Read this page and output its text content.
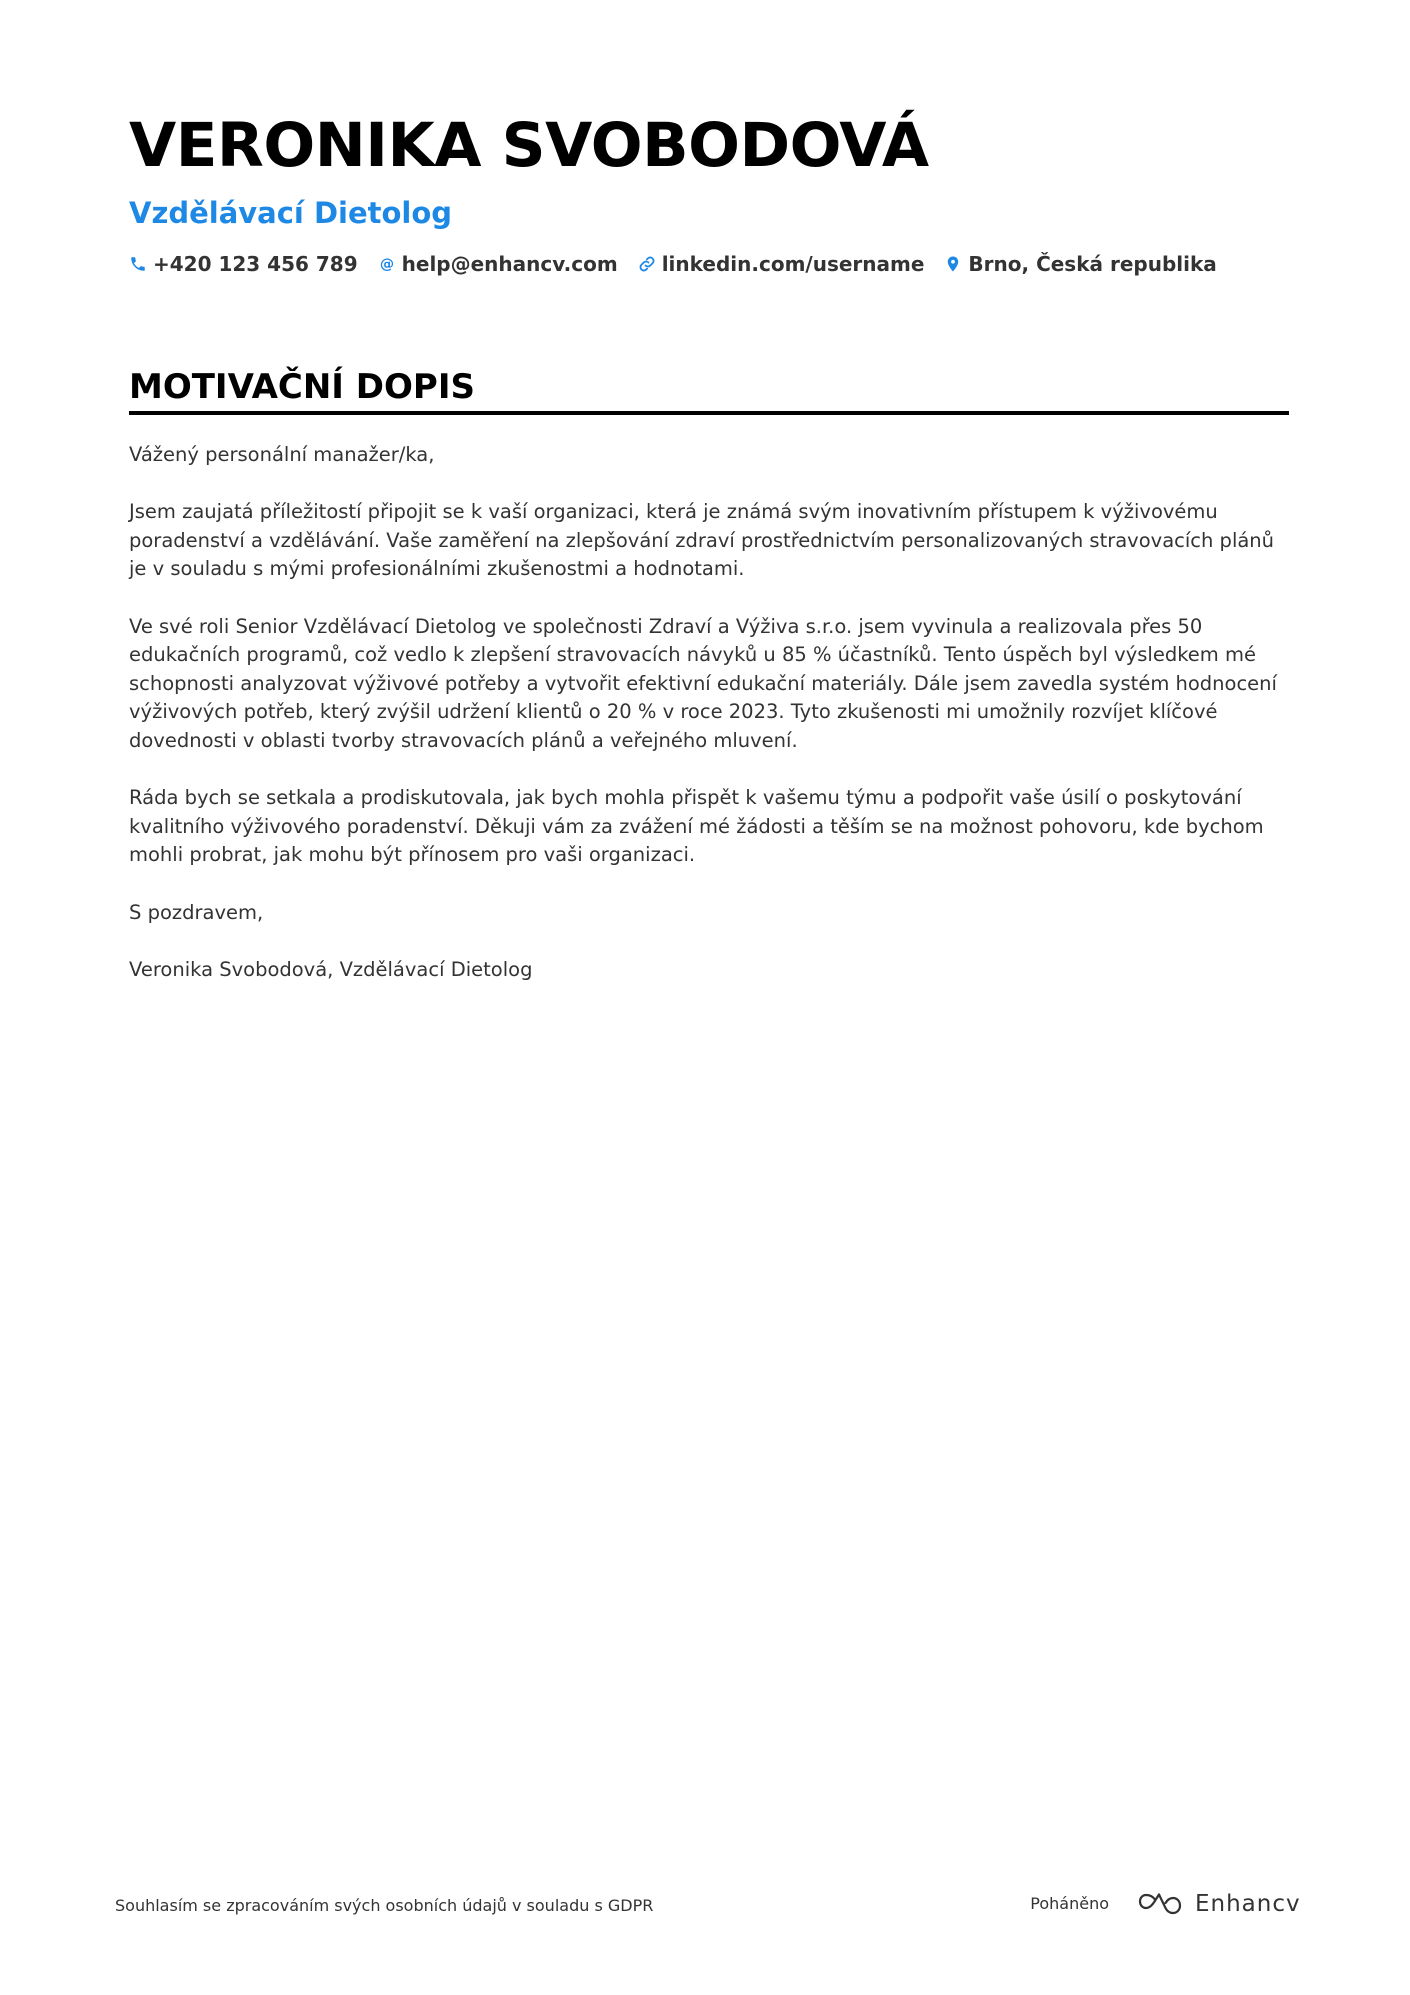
VERONIKA SVOBODOVÁ
Vzdělávací Dietolog
+420 123 456 789 @ help@enhancv.com linkedin.com/username Brno, Česká republika
MOTIVAČNÍ DOPIS

Vážený personální manažer/ka,

Jsem zaujatá příležitostí připojit se k vaší organizaci, která je známá svým inovativním přístupem k výživovému poradenství a vzdělávání. Vaše zaměření na zlepšování zdraví prostřednictvím personalizovaných stravovacích plánů je v souladu s mými profesionálními zkušenostmi a hodnotami.

Ve své roli Senior Vzdělávací Dietolog ve společnosti Zdraví a Výživa s.r.o. jsem vyvinula a realizovala přes 50 edukačních programů, což vedlo k zlepšení stravovacích návyků u 85 % účastníků. Tento úspěch byl výsledkem mé schopnosti analyzovat výživové potřeby a vytvořit efektivní edukační materiály. Dále jsem zavedla systém hodnocení výživových potřeb, který zvýšil udržení klientů o 20 % v roce 2023. Tyto zkušenosti mi umožnily rozvíjet klíčové dovednosti v oblasti tvorby stravovacích plánů a veřejného mluvení.

Ráda bych se setkala a prodiskutovala, jak bych mohla přispět k vašemu týmu a podpořit vaše úsilí o poskytování kvalitního výživového poradenství. Děkuji vám za zvážení mé žádosti a těším se na možnost pohovoru, kde bychom mohli probrat, jak mohu být přínosem pro vaši organizaci.

S pozdravem,

Veronika Svobodová, Vzdělávací Dietolog

Souhlasím se zpracováním svých osobních údajů v souladu s GDPR	Poháněno	Enhancv
